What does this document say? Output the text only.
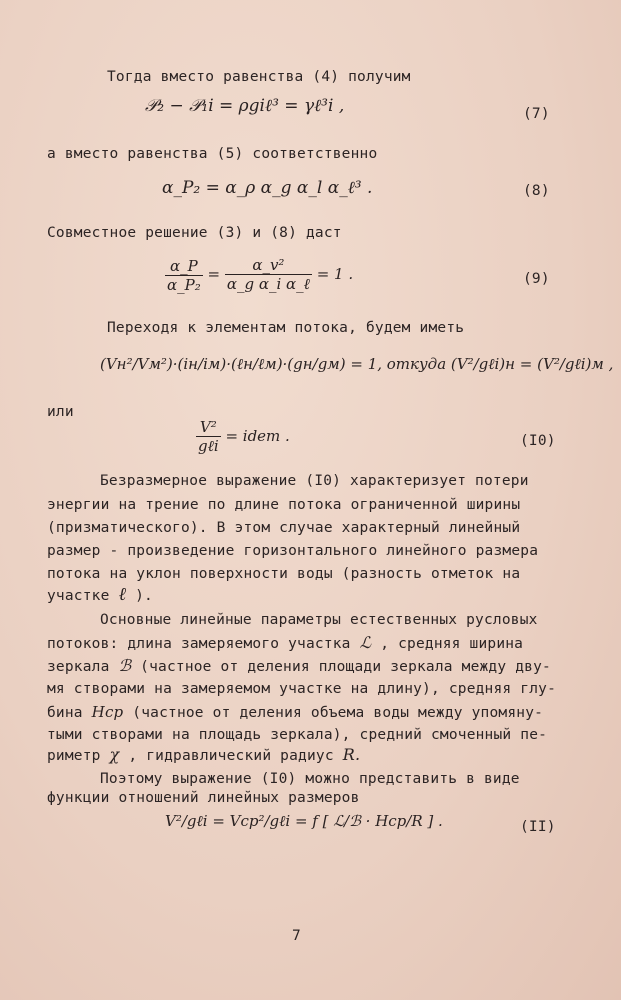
Тогда вместо равенства (4) получим
𝒫₂ − 𝒫₁i = ρgiℓ³ = γℓ³i ,	(7)
а вместо равенства (5) соответственно
α_P₂ = α_ρ α_g α_l α_ℓ³ .	(8)
Совместное решение (3) и (8) даст
$\frac{\alpha\_P}{\text{α\_P₂}} = \frac{\text{α\_v²}}{\text{α\_g α\_i α\_ℓ}} = 1$ .	(9)
Переходя к элементам потока, будем иметь
(Vн²/Vм²)·(iн/iм)·(ℓн/ℓм)·(gн/gм) = 1, откуда (V²/gℓi)н = (V²/gℓi)м ,
или
$\frac{\text{V²}}{\text{gℓi}}$ = idem .	(I0)
Безразмерное выражение (I0) характеризует потери
энергии на трение по длине потока ограниченной ширины
(призматического). В этом случае характерный линейный
размер - произведение горизонтального линейного размера
потока на уклон поверхности воды (разность отметок на
участке ℓ ).
Основные линейные параметры естественных русловых
потоков: длина замеряемого участка ℒ , средняя ширина
зеркала ℬ (частное от деления площади зеркала между дву-
мя створами на замеряемом участке на длину), средняя глу-
бина Hср (частное от деления объема воды между упомяну-
тыми створами на площадь зеркала), средний смоченный пе-
риметр χ , гидравлический радиус R.
Поэтому выражение (I0) можно представить в виде
функции отношений линейных размеров
V²/gℓi = Vср²/gℓi = f [ ℒ/ℬ · Hср/R ] .	(II)
7
